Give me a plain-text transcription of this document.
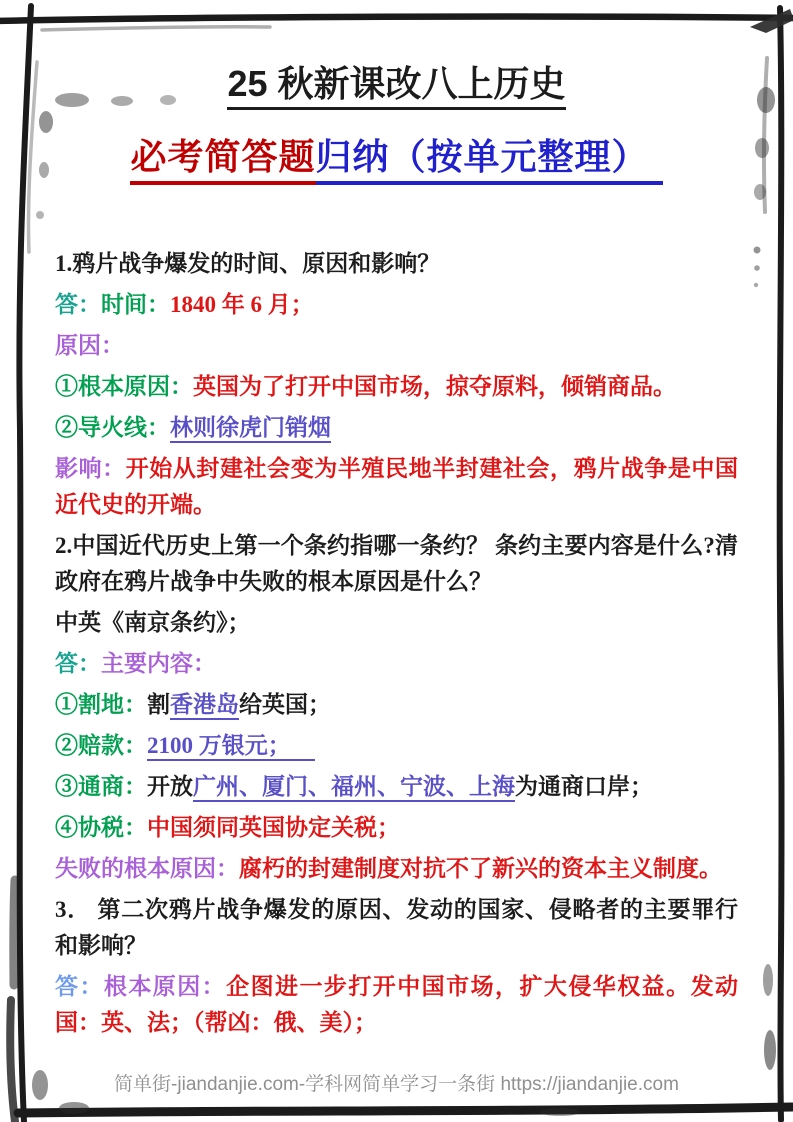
25 秋新课改八上历史
必考简答题归纳（按单元整理）
1.鸦片战争爆发的时间、原因和影响？
答：时间：1840 年 6 月；
原因：
①根本原因：英国为了打开中国市场，掠夺原料，倾销商品。
②导火线：林则徐虎门销烟
影响：开始从封建社会变为半殖民地半封建社会，鸦片战争是中国近代史的开端。
2.中国近代历史上第一个条约指哪一条约？ 条约主要内容是什么?清政府在鸦片战争中失败的根本原因是什么？
中英《南京条约》；
答：主要内容：
①割地：割香港岛给英国；
②赔款：2100 万银元；
③通商：开放广州、厦门、福州、宁波、上海为通商口岸；
④协税：中国须同英国协定关税；
失败的根本原因：腐朽的封建制度对抗不了新兴的资本主义制度。
3． 第二次鸦片战争爆发的原因、发动的国家、侵略者的主要罪行和影响？
答：根本原因：企图进一步打开中国市场，扩大侵华权益。发动国：英、法；（帮凶：俄、美）；
简单街-jiandanjie.com-学科网简单学习一条街 https://jiandanjie.com
